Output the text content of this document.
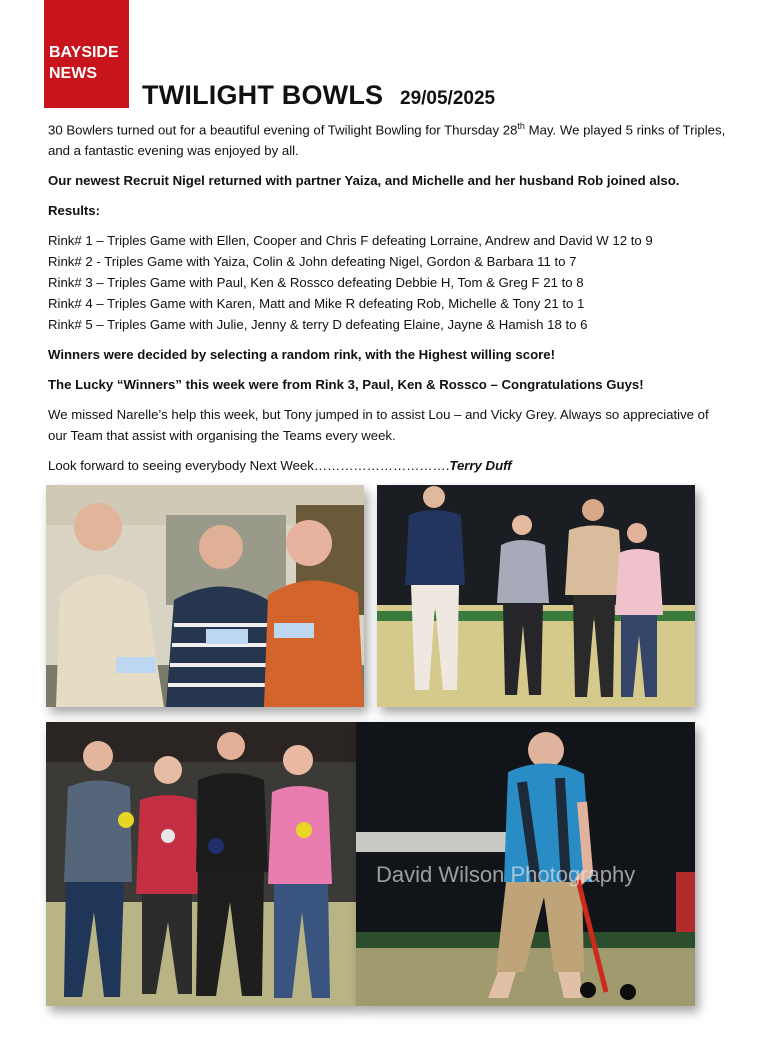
BAYSIDE
NEWS
TWILIGHT BOWLS 29/05/2025

30 Bowlers turned out for a beautiful evening of Twilight Bowling for Thursday 28th May. We played 5 rinks of Triples, and a fantastic evening was enjoyed by all.

Our newest Recruit Nigel returned with partner Yaiza, and Michelle and her husband Rob joined also.

Results:

Rink# 1 – Triples Game with Ellen, Cooper and Chris F defeating Lorraine, Andrew and David W 12 to 9
Rink# 2 - Triples Game with Yaiza, Colin & John defeating Nigel, Gordon & Barbara 11 to 7
Rink# 3 – Triples Game with Paul, Ken & Rossco defeating Debbie H, Tom & Greg F 21 to 8
Rink# 4 – Triples Game with Karen, Matt and Mike R defeating Rob, Michelle & Tony 21 to 1
Rink# 5 – Triples Game with Julie, Jenny & terry D defeating Elaine, Jayne & Hamish 18 to 6

Winners were decided by selecting a random rink, with the Highest willing score!

The Lucky “Winners” this week were from Rink 3, Paul, Ken & Rossco – Congratulations Guys!

We missed Narelle’s help this week, but Tony jumped in to assist Lou – and Vicky Grey. Always so appreciative of our Team that assist with organising the Teams every week.

Look forward to seeing everybody Next Week………………………….Terry Duff

David Wilson Photography
